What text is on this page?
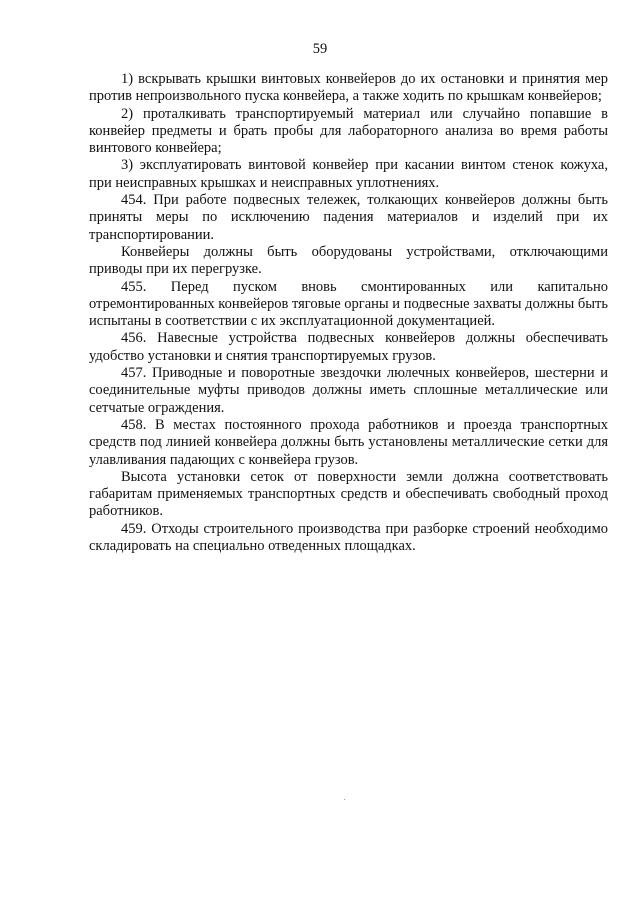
59

1) вскрывать крышки винтовых конвейеров до их остановки и принятия мер против непроизвольного пуска конвейера, а также ходить по крышкам конвейеров;

2) проталкивать транспортируемый материал или случайно попавшие в конвейер предметы и брать пробы для лабораторного анализа во время работы винтового конвейера;

3) эксплуатировать винтовой конвейер при касании винтом стенок кожуха, при неисправных крышках и неисправных уплотнениях.

454. При работе подвесных тележек, толкающих конвейеров должны быть приняты меры по исключению падения материалов и изделий при их транспортировании.

Конвейеры должны быть оборудованы устройствами, отключающими приводы при их перегрузке.

455. Перед пуском вновь смонтированных или капитально отремонтированных конвейеров тяговые органы и подвесные захваты должны быть испытаны в соответствии с их эксплуатационной документацией.

456. Навесные устройства подвесных конвейеров должны обеспечивать удобство установки и снятия транспортируемых грузов.

457. Приводные и поворотные звездочки люлечных конвейеров, шестерни и соединительные муфты приводов должны иметь сплошные металлические или сетчатые ограждения.

458. В местах постоянного прохода работников и проезда транспортных средств под линией конвейера должны быть установлены металлические сетки для улавливания падающих с конвейера грузов.

Высота установки сеток от поверхности земли должна соответствовать габаритам применяемых транспортных средств и обеспечивать свободный проход работников.

459. Отходы строительного производства при разборке строений необходимо складировать на специально отведенных площадках.
